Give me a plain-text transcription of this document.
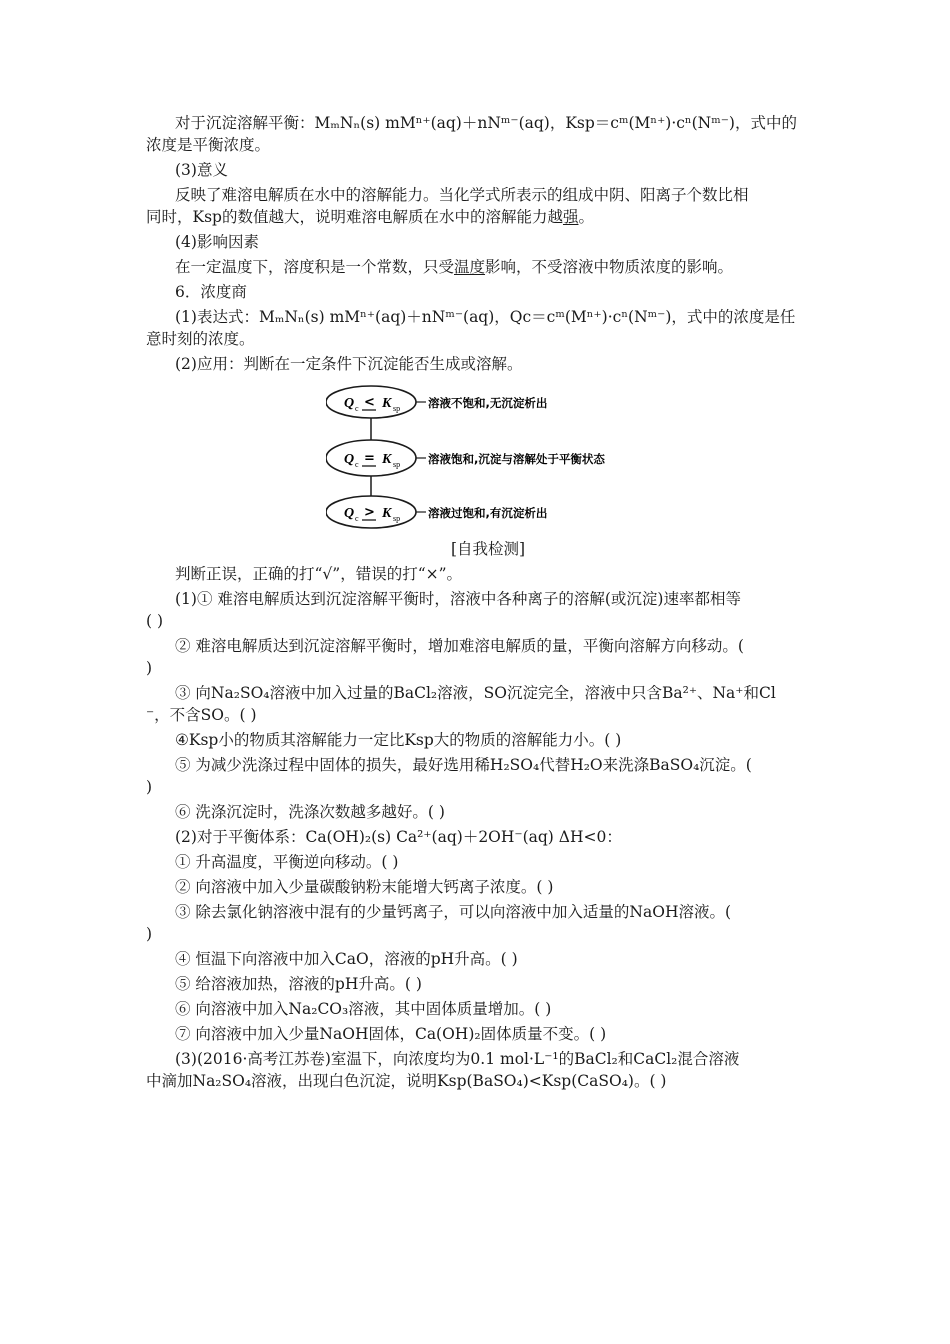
对于沉淀溶解平衡：MₘNₙ(s) mMⁿ⁺(aq)＋nNᵐ⁻(aq)，Ksp＝cᵐ(Mⁿ⁺)·cⁿ(Nᵐ⁻)，式中的
浓度是平衡浓度。
(3)意义
反映了难溶电解质在水中的溶解能力。当化学式所表示的组成中阴、阳离子个数比相
同时，Ksp的数值越大，说明难溶电解质在水中的溶解能力越强。
(4)影响因素
在一定温度下，溶度积是一个常数，只受温度影响，不受溶液中物质浓度的影响。
6．浓度商
(1)表达式：MₘNₙ(s) mMⁿ⁺(aq)＋nNᵐ⁻(aq)，Qc＝cᵐ(Mⁿ⁺)·cⁿ(Nᵐ⁻)，式中的浓度是任
意时刻的浓度。
(2)应用：判断在一定条件下沉淀能否生成或溶解。
Q c < K sp 溶液不饱和,无沉淀析出
Q c = K sp 溶液饱和,沉淀与溶解处于平衡状态
Q c > K sp 溶液过饱和,有沉淀析出
[自我检测]
判断正误，正确的打“√”，错误的打“×”。
(1)① 难溶电解质达到沉淀溶解平衡时，溶液中各种离子的溶解(或沉淀)速率都相等
( )
② 难溶电解质达到沉淀溶解平衡时，增加难溶电解质的量，平衡向溶解方向移动。(
)
③ 向Na₂SO₄溶液中加入过量的BaCl₂溶液，SO沉淀完全，溶液中只含Ba²⁺、Na⁺和Cl
⁻，不含SO。( )
④Ksp小的物质其溶解能力一定比Ksp大的物质的溶解能力小。( )
⑤ 为减少洗涤过程中固体的损失，最好选用稀H₂SO₄代替H₂O来洗涤BaSO₄沉淀。(
)
⑥ 洗涤沉淀时，洗涤次数越多越好。( )
(2)对于平衡体系：Ca(OH)₂(s) Ca²⁺(aq)＋2OH⁻(aq) ΔH<0：
① 升高温度，平衡逆向移动。( )
② 向溶液中加入少量碳酸钠粉末能增大钙离子浓度。( )
③ 除去氯化钠溶液中混有的少量钙离子，可以向溶液中加入适量的NaOH溶液。(
)
④ 恒温下向溶液中加入CaO，溶液的pH升高。( )
⑤ 给溶液加热，溶液的pH升高。( )
⑥ 向溶液中加入Na₂CO₃溶液，其中固体质量增加。( )
⑦ 向溶液中加入少量NaOH固体，Ca(OH)₂固体质量不变。( )
(3)(2016·高考江苏卷)室温下，向浓度均为0.1 mol·L⁻¹的BaCl₂和CaCl₂混合溶液
中滴加Na₂SO₄溶液，出现白色沉淀，说明Ksp(BaSO₄)<Ksp(CaSO₄)。( )
